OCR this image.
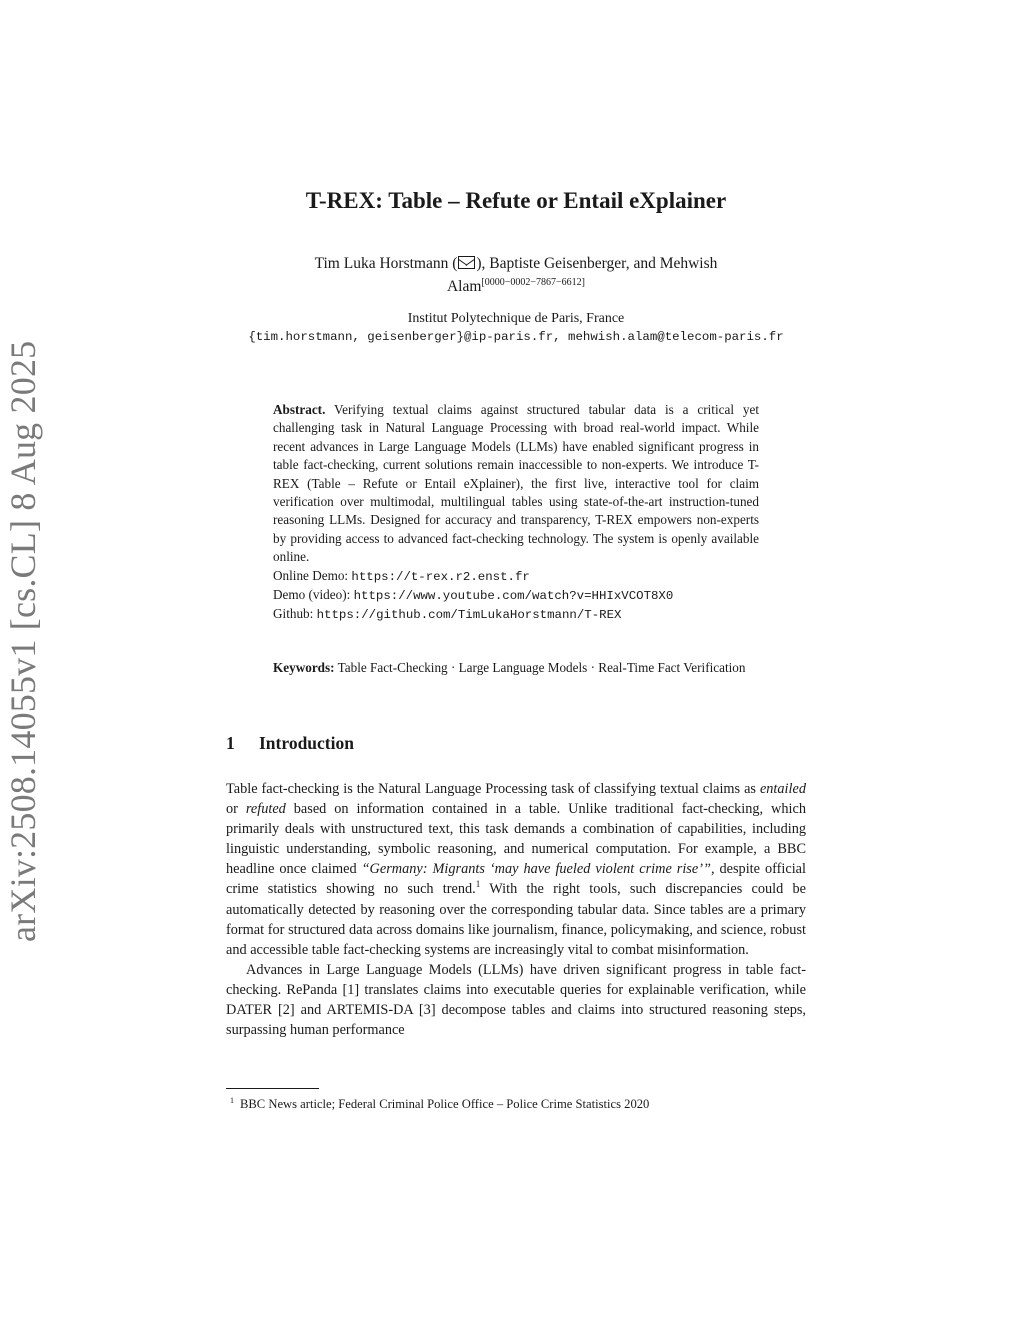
arXiv:2508.14055v1 [cs.CL] 8 Aug 2025
T-REX: Table – Refute or Entail eXplainer
Tim Luka Horstmann ( ), Baptiste Geisenberger, and Mehwish
Alam[0000−0002−7867−6612]
Institut Polytechnique de Paris, France
{tim.horstmann, geisenberger}@ip-paris.fr, mehwish.alam@telecom-paris.fr
Abstract. Verifying textual claims against structured tabular data is a critical yet challenging task in Natural Language Processing with broad real-world impact. While recent advances in Large Language Models (LLMs) have enabled significant progress in table fact-checking, current solutions remain inaccessible to non-experts. We introduce T-REX (Table – Refute or Entail eXplainer), the first live, interactive tool for claim verification over multimodal, multilingual tables using state-of-the-art instruction-tuned reasoning LLMs. Designed for accuracy and transparency, T-REX empowers non-experts by providing access to advanced fact-checking technology. The system is openly available online.
Online Demo: https://t-rex.r2.enst.fr
Demo (video): https://www.youtube.com/watch?v=HHIxVCOT8X0
Github: https://github.com/TimLukaHorstmann/T-REX
Keywords: Table Fact-Checking · Large Language Models · Real-Time Fact Verification
1 Introduction

Table fact-checking is the Natural Language Processing task of classifying textual claims as entailed or refuted based on information contained in a table. Unlike traditional fact-checking, which primarily deals with unstructured text, this task demands a combination of capabilities, including linguistic understanding, symbolic reasoning, and numerical computation. For example, a BBC headline once claimed “Germany: Migrants ‘may have fueled violent crime rise’”, despite official crime statistics showing no such trend.$^1$ With the right tools, such discrepancies could be automatically detected by reasoning over the corresponding tabular data. Since tables are a primary format for structured data across domains like journalism, finance, policymaking, and science, robust and accessible table fact-checking systems are increasingly vital to combat misinformation.

Advances in Large Language Models (LLMs) have driven significant progress in table fact-checking. RePanda [1] translates claims into executable queries for explainable verification, while DATER [2] and ARTEMIS-DA [3] decompose tables and claims into structured reasoning steps, surpassing human performance

$^1$ BBC News article; Federal Criminal Police Office – Police Crime Statistics 2020
